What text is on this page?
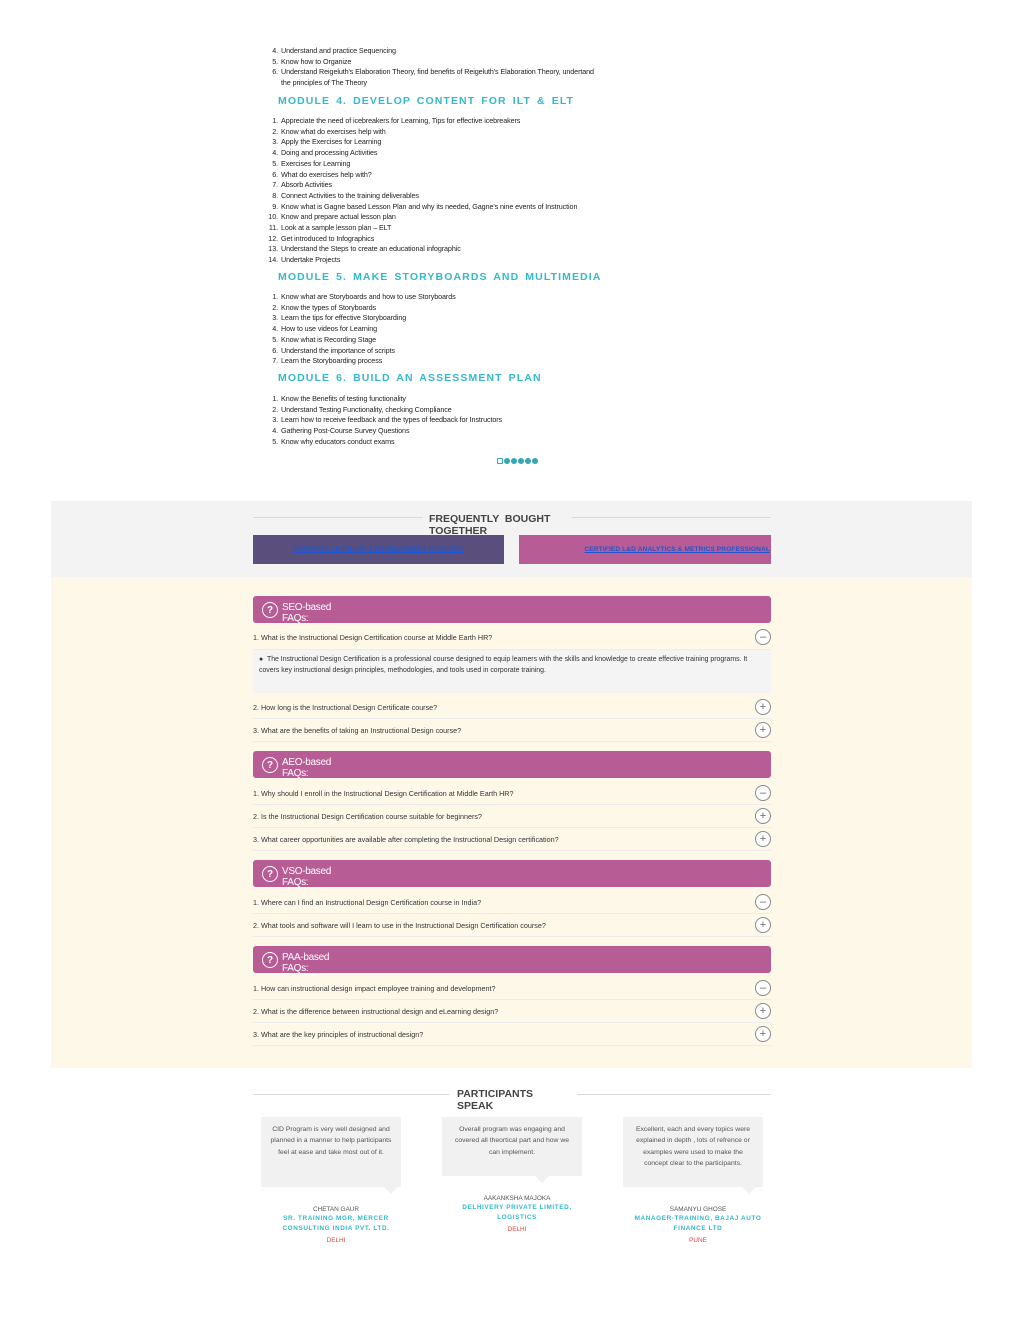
4. Understand and practice Sequencing
5. Know how to Organize
6. Understand Reigeluth's Elaboration Theory, find benefits of Reigeluth's Elaboration Theory, undertand
the principles of The Theory
MODULE 4. DEVELOP CONTENT FOR ILT & ELT
1. Appreciate the need of icebreakers for Learning, Tips for effective icebreakers
2. Know what do exercises help with
3. Apply the Exercises for Learning
4. Doing and processing Activities
5. Exercises for Learning
6. What do exercises help with?
7. Absorb Activities
8. Connect Activities to the training deliverables
9. Know what is Gagne based Lesson Plan and why its needed, Gagne's nine events of Instruction
10. Know and prepare actual lesson plan
11. Look at a sample lesson plan – ELT
12. Get introduced to Infographics
13. Understand the Steps to create an educational infographic
14. Undertake Projects
MODULE 5. MAKE STORYBOARDS AND MULTIMEDIA
1. Know what are Storyboards and how to use Storyboards
2. Know the types of Storyboards
3. Learn the tips for effective Storyboarding
4. How to use videos for Learning
5. Know what is Recording Stage
6. Understand the importance of scripts
7. Learn the Storyboarding process
MODULE 6. BUILD AN ASSESSMENT PLAN
1. Know the Benefits of testing functionality
2. Understand Testing Functionality, checking Compliance
3. Learn how to receive feedback and the types of feedback for Instructors
4. Gathering Post-Course Survey Questions
5. Know why educators conduct exams
FREQUENTLY BOUGHT TOGETHER
CERTIFIED LEARNING & DEVELOPMENT MANAGER	CERTIFIED L&D ANALYTICS & METRICS PROFESSIONAL
? SEO-based FAQs:
1. What is the Instructional Design Certification course at Middle Earth HR?	–
●  The Instructional Design Certification is a professional course designed to equip learners with the skills and knowledge to create effective training programs. It covers key instructional design principles, methodologies, and tools used in corporate training.
2. How long is the Instructional Design Certificate course?	+
3. What are the benefits of taking an Instructional Design course?	+
? AEO-based FAQs:
1. Why should I enroll in the Instructional Design Certification at Middle Earth HR?	–
2. Is the Instructional Design Certification course suitable for beginners?	+
3. What career opportunities are available after completing the Instructional Design certification?	+
? VSO-based FAQs:
1. Where can I find an Instructional Design Certification course in India?	–
2. What tools and software will I learn to use in the Instructional Design Certification course?	+
? PAA-based FAQs:
1. How can instructional design impact employee training and development?	–
2. What is the difference between instructional design and eLearning design?	+
3. What are the key principles of instructional design?	+
PARTICIPANTS SPEAK
CID Program is very well designed and planned in a manner to help participants feel at ease and take most out of it.
Overall program was engaging and covered all theortical part and how we can implement.
Excellent, each and every topics were explained in depth , lots of refrence or examples were used to make the concept clear to the participants.
CHETAN GAUR
SR. TRAINING MGR, MERCER CONSULTING INDIA PVT. LTD.
DELHI
AAKANKSHA MAJOKA
DELHIVERY PRIVATE LIMITED, LOGISTICS
DELHI
SAMANYU GHOSE
MANAGER-TRAINING, BAJAJ AUTO FINANCE LTD
PUNE
